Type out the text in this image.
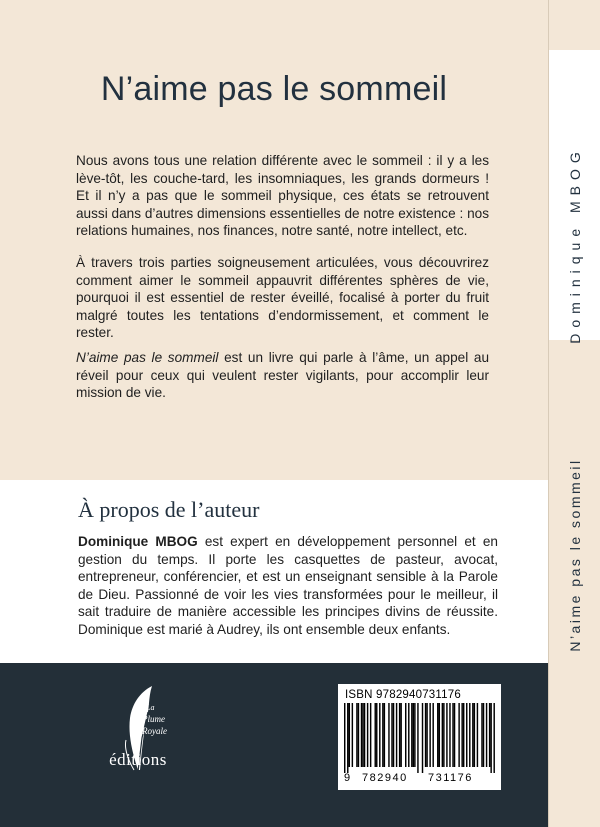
N’aime pas le sommeil
Nous avons tous une relation différente avec le sommeil : il y a les lève-tôt, les couche-tard, les insomniaques, les grands dormeurs ! Et il n’y a pas que le sommeil physique, ces états se retrouvent aussi dans d’autres dimensions essentielles de notre existence : nos relations humaines, nos finances, notre santé, notre intellect, etc.
À travers trois parties soigneusement articulées, vous découvrirez comment aimer le sommeil appauvrit différentes sphères de vie, pourquoi il est essentiel de rester éveillé, focalisé à porter du fruit malgré toutes les tentations d’endormissement, et comment le rester.
N’aime pas le sommeil est un livre qui parle à l’âme, un appel au réveil pour ceux qui veulent rester vigilants, pour accomplir leur mission de vie.
À propos de l’auteur
Dominique MBOG est expert en développement personnel et en gestion du temps. Il porte les casquettes de pasteur, avocat, entrepreneur, conférencier, et est un enseignant sensible à la Parole de Dieu. Passionné de voir les vies transformées pour le meilleur, il sait traduire de manière accessible les principes divins de réussite. Dominique est marié à Audrey, ils ont ensemble deux enfants.
La
Plume
Royale
éditions
ISBN 9782940731176
9 782940 731176
Dominique MBOG
N’aime pas le sommeil
